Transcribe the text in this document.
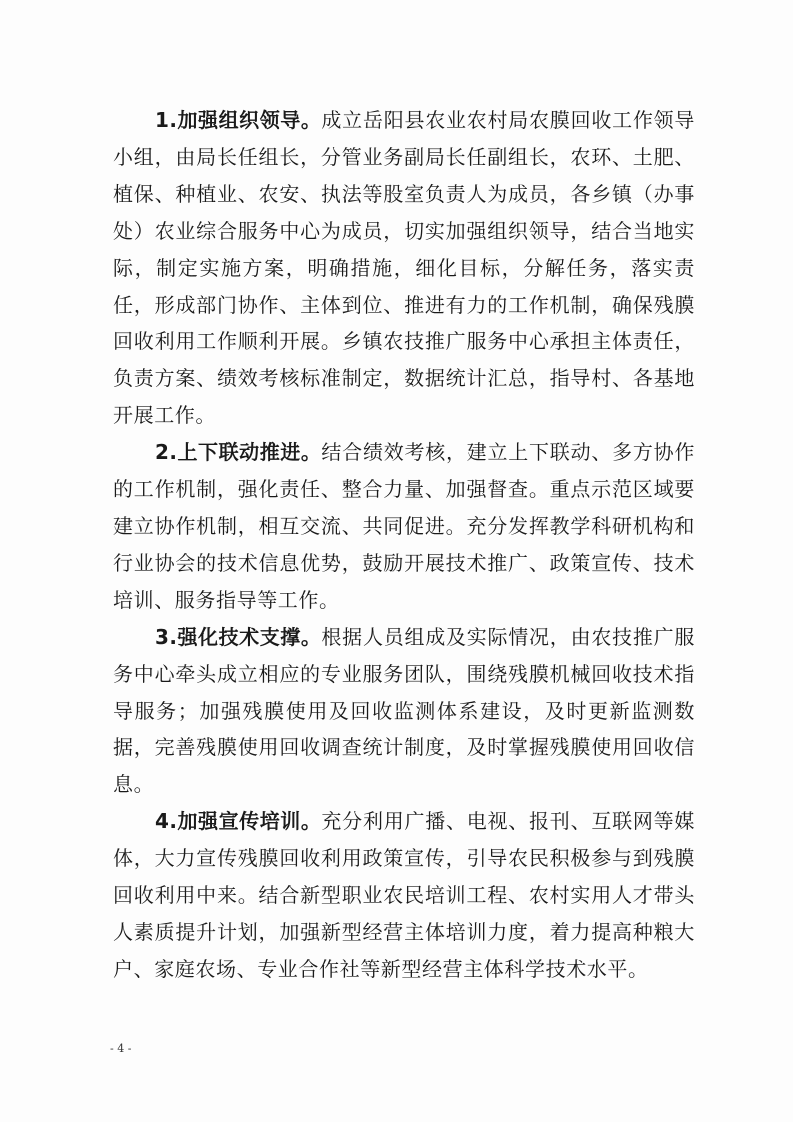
1.加强组织领导。成立岳阳县农业农村局农膜回收工作领导小组，由局长任组长，分管业务副局长任副组长，农环、土肥、植保、种植业、农安、执法等股室负责人为成员，各乡镇（办事处）农业综合服务中心为成员，切实加强组织领导，结合当地实际，制定实施方案，明确措施，细化目标，分解任务，落实责任，形成部门协作、主体到位、推进有力的工作机制，确保残膜回收利用工作顺利开展。乡镇农技推广服务中心承担主体责任，负责方案、绩效考核标准制定，数据统计汇总，指导村、各基地开展工作。

2.上下联动推进。结合绩效考核，建立上下联动、多方协作的工作机制，强化责任、整合力量、加强督查。重点示范区域要建立协作机制，相互交流、共同促进。充分发挥教学科研机构和行业协会的技术信息优势，鼓励开展技术推广、政策宣传、技术培训、服务指导等工作。

3.强化技术支撑。根据人员组成及实际情况，由农技推广服务中心牵头成立相应的专业服务团队，围绕残膜机械回收技术指导服务；加强残膜使用及回收监测体系建设，及时更新监测数据，完善残膜使用回收调查统计制度，及时掌握残膜使用回收信息。

4.加强宣传培训。充分利用广播、电视、报刊、互联网等媒体，大力宣传残膜回收利用政策宣传，引导农民积极参与到残膜回收利用中来。结合新型职业农民培训工程、农村实用人才带头人素质提升计划，加强新型经营主体培训力度，着力提高种粮大户、家庭农场、专业合作社等新型经营主体科学技术水平。

- 4 -
